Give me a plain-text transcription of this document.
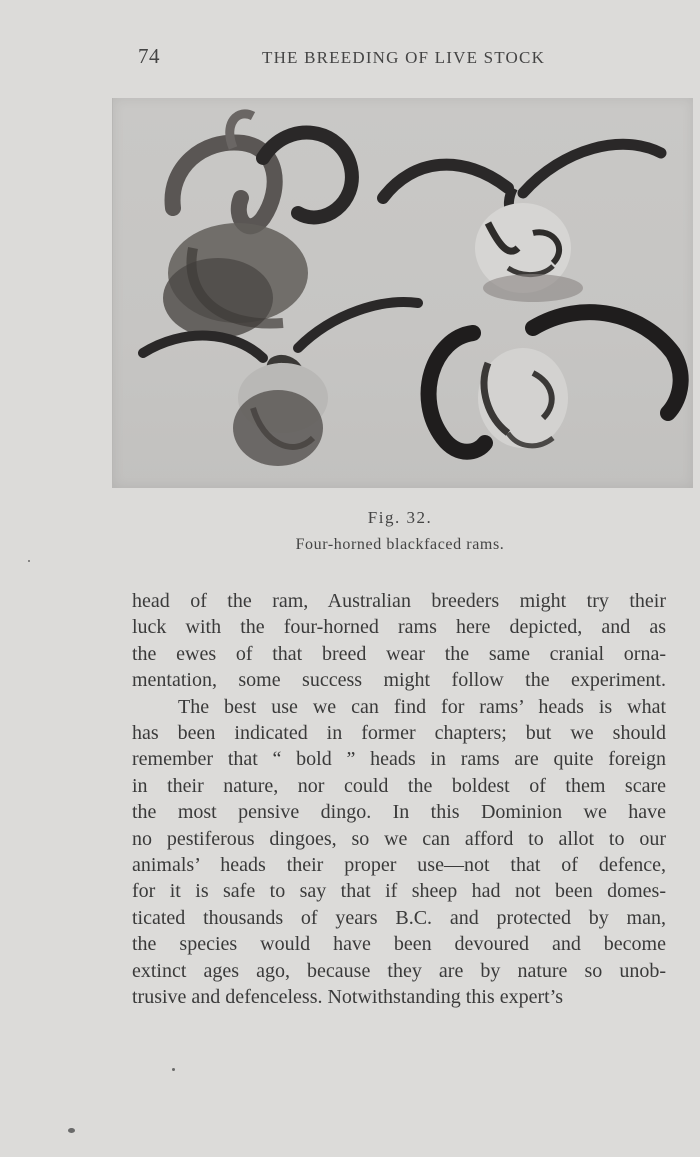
74	THE BREEDING OF LIVE STOCK
Fig. 32.
Four-horned blackfaced rams.
head of the ram, Australian breeders might try their
luck with the four-horned rams here depicted, and as
the ewes of that breed wear the same cranial orna-
mentation, some success might follow the experiment.
The best use we can find for rams’ heads is what
has been indicated in former chapters; but we should
remember that “ bold ” heads in rams are quite foreign
in their nature, nor could the boldest of them scare
the most pensive dingo. In this Dominion we have
no pestiferous dingoes, so we can afford to allot to our
animals’ heads their proper use—not that of defence,
for it is safe to say that if sheep had not been domes-
ticated thousands of years B.C. and protected by man,
the species would have been devoured and become
extinct ages ago, because they are by nature so unob-
trusive and defenceless. Notwithstanding this expert’s
